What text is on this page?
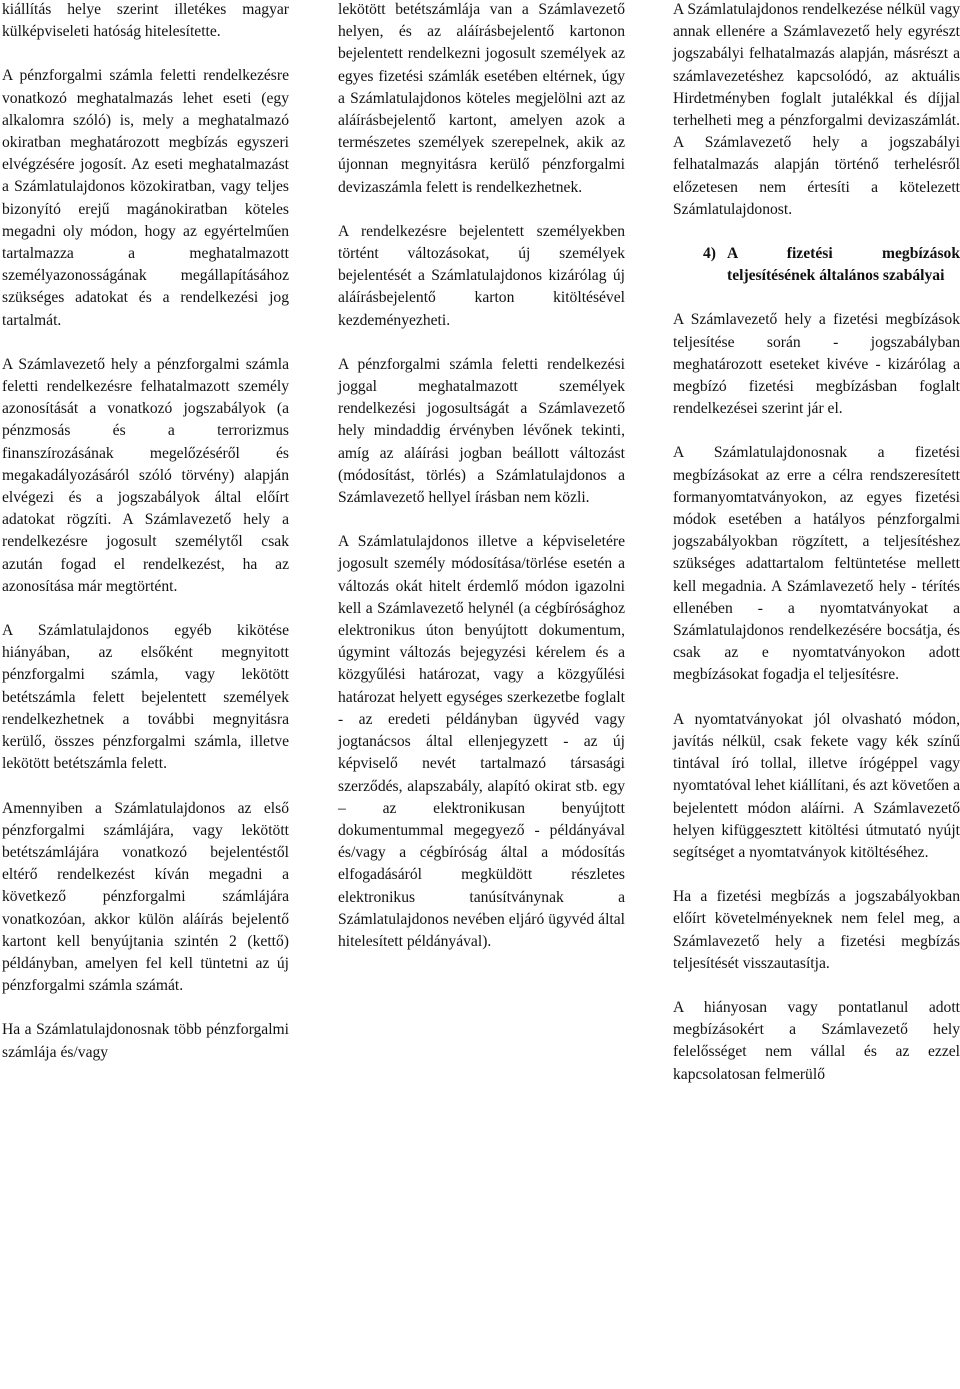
kiállítás helye szerint illetékes magyar külképviseleti hatóság hitelesítette.

A pénzforgalmi számla feletti rendelkezésre vonatkozó meghatalmazás lehet eseti (egy alkalomra szóló) is, mely a meghatalmazó okiratban meghatározott megbízás egyszeri elvégzésére jogosít. Az eseti meghatalmazást a Számlatulajdonos közokiratban, vagy teljes bizonyító erejű magánokiratban köteles megadni oly módon, hogy az egyértelműen tartalmazza a meghatalmazott személyazonosságának megállapításához szükséges adatokat és a rendelkezési jog tartalmát.

A Számlavezető hely a pénzforgalmi számla feletti rendelkezésre felhatalmazott személy azonosítását a vonatkozó jogszabályok (a pénzmosás és a terrorizmus finanszírozásának megelőzéséről és megakadályozásáról szóló törvény) alapján elvégezi és a jogszabályok által előírt adatokat rögzíti. A Számlavezető hely a rendelkezésre jogosult személytől csak azután fogad el rendelkezést, ha az azonosítása már megtörtént.

A Számlatulajdonos egyéb kikötése hiányában, az elsőként megnyitott pénzforgalmi számla, vagy lekötött betétszámla felett bejelentett személyek rendelkezhetnek a további megnyitásra kerülő, összes pénzforgalmi számla, illetve lekötött betétszámla felett.

Amennyiben a Számlatulajdonos az első pénzforgalmi számlájára, vagy lekötött betétszámlájára vonatkozó bejelentéstől eltérő rendelkezést kíván megadni a következő pénzforgalmi számlájára vonatkozóan, akkor külön aláírás bejelentő kartont kell benyújtania szintén 2 (kettő) példányban, amelyen fel kell tüntetni az új pénzforgalmi számla számát.

Ha a Számlatulajdonosnak több pénzforgalmi számlája és/vagy

lekötött betétszámlája van a Számlavezető helyen, és az aláírásbejelentő kartonon bejelentett rendelkezni jogosult személyek az egyes fizetési számlák esetében eltérnek, úgy a Számlatulajdonos köteles megjelölni azt az aláírásbejelentő kartont, amelyen azok a természetes személyek szerepelnek, akik az újonnan megnyitásra kerülő pénzforgalmi devizaszámla felett is rendelkezhetnek.

A rendelkezésre bejelentett személyekben történt változásokat, új személyek bejelentését a Számlatulajdonos kizárólag új aláírásbejelentő karton kitöltésével kezdeményezheti.

A pénzforgalmi számla feletti rendelkezési joggal meghatalmazott személyek rendelkezési jogosultságát a Számlavezető hely mindaddig érvényben lévőnek tekinti, amíg az aláírási jogban beállott változást (módosítást, törlés) a Számlatulajdonos a Számlavezető hellyel írásban nem közli.

A Számlatulajdonos illetve a képviseletére jogosult személy módosítása/törlése esetén a változás okát hitelt érdemlő módon igazolni kell a Számlavezető helynél (a cégbírósághoz elektronikus úton benyújtott dokumentum, úgymint változás bejegyzési kérelem és a közgyűlési határozat, vagy a közgyűlési határozat helyett egységes szerkezetbe foglalt - az eredeti példányban ügyvéd vagy jogtanácsos által ellenjegyzett - az új képviselő nevét tartalmazó társasági szerződés, alapszabály, alapító okirat stb. egy – az elektronikusan benyújtott dokumentummal megegyező - példányával és/vagy a cégbíróság által a módosítás elfogadásáról megküldött részletes elektronikus tanúsítványnak a Számlatulajdonos nevében eljáró ügyvéd által hitelesített példányával).

A Számlatulajdonos rendelkezése nélkül vagy annak ellenére a Számlavezető hely egyrészt jogszabályi felhatalmazás alapján, másrészt a számlavezetéshez kapcsolódó, az aktuális Hirdetményben foglalt jutalékkal és díjjal terhelheti meg a pénzforgalmi devizaszámlát. A Számlavezető hely a jogszabályi felhatalmazás alapján történő terhelésről előzetesen nem értesíti a kötelezett Számlatulajdonost.

4) A fizetési megbízások teljesítésének általános szabályai

A Számlavezető hely a fizetési megbízások teljesítése során - jogszabályban meghatározott eseteket kivéve - kizárólag a megbízó fizetési megbízásban foglalt rendelkezései szerint jár el.

A Számlatulajdonosnak a fizetési megbízásokat az erre a célra rendszeresített formanyomtatványokon, az egyes fizetési módok esetében a hatályos pénzforgalmi jogszabályokban rögzített, a teljesítéshez szükséges adattartalom feltüntetése mellett kell megadnia. A Számlavezető hely - térítés ellenében - a nyomtatványokat a Számlatulajdonos rendelkezésére bocsátja, és csak az e nyomtatványokon adott megbízásokat fogadja el teljesítésre.

A nyomtatványokat jól olvasható módon, javítás nélkül, csak fekete vagy kék színű tintával író tollal, illetve írógéppel vagy nyomtatóval lehet kiállítani, és azt követően a bejelentett módon aláírni. A Számlavezető helyen kifüggesztett kitöltési útmutató nyújt segítséget a nyomtatványok kitöltéséhez.

Ha a fizetési megbízás a jogszabályokban előírt követelményeknek nem felel meg, a Számlavezető hely a fizetési megbízás teljesítését visszautasítja.

A hiányosan vagy pontatlanul adott megbízásokért a Számlavezető hely felelősséget nem vállal és az ezzel kapcsolatosan felmerülő
